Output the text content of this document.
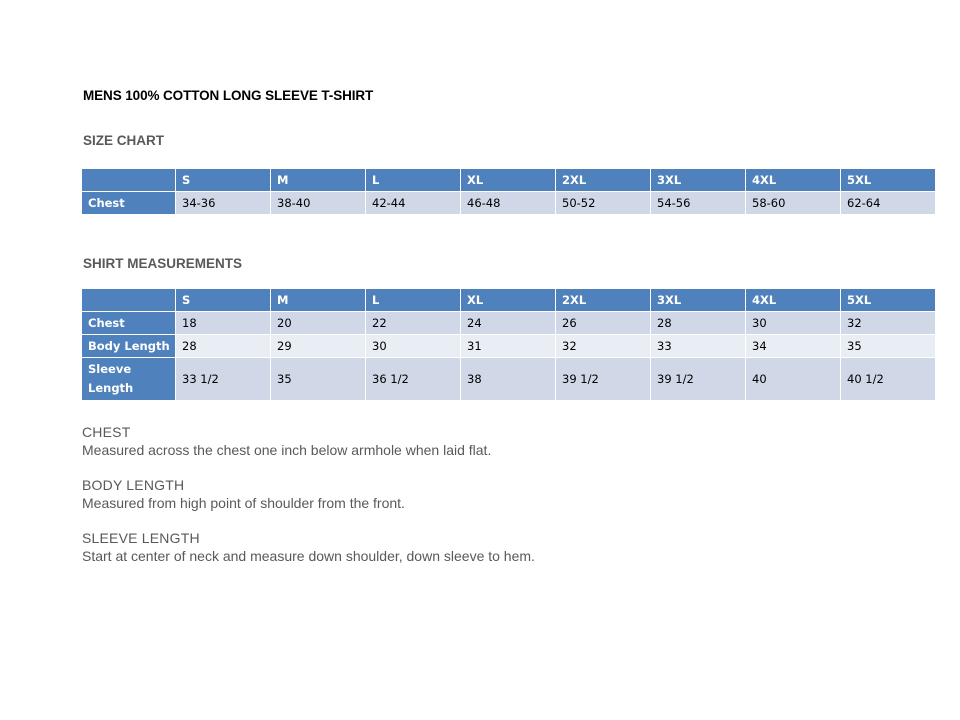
MENS 100% COTTON LONG SLEEVE T-SHIRT
SIZE CHART
	S	M	L	XL	2XL	3XL	4XL	5XL
Chest	34-36	38-40	42-44	46-48	50-52	54-56	58-60	62-64
SHIRT MEASUREMENTS
	S	M	L	XL	2XL	3XL	4XL	5XL
Chest	18	20	22	24	26	28	30	32
Body Length	28	29	30	31	32	33	34	35
Sleeve Length	33 1/2	35	36 1/2	38	39 1/2	39 1/2	40	40 1/2
CHEST
Measured across the chest one inch below armhole when laid flat.
BODY LENGTH
Measured from high point of shoulder from the front.
SLEEVE LENGTH
Start at center of neck and measure down shoulder, down sleeve to hem.
